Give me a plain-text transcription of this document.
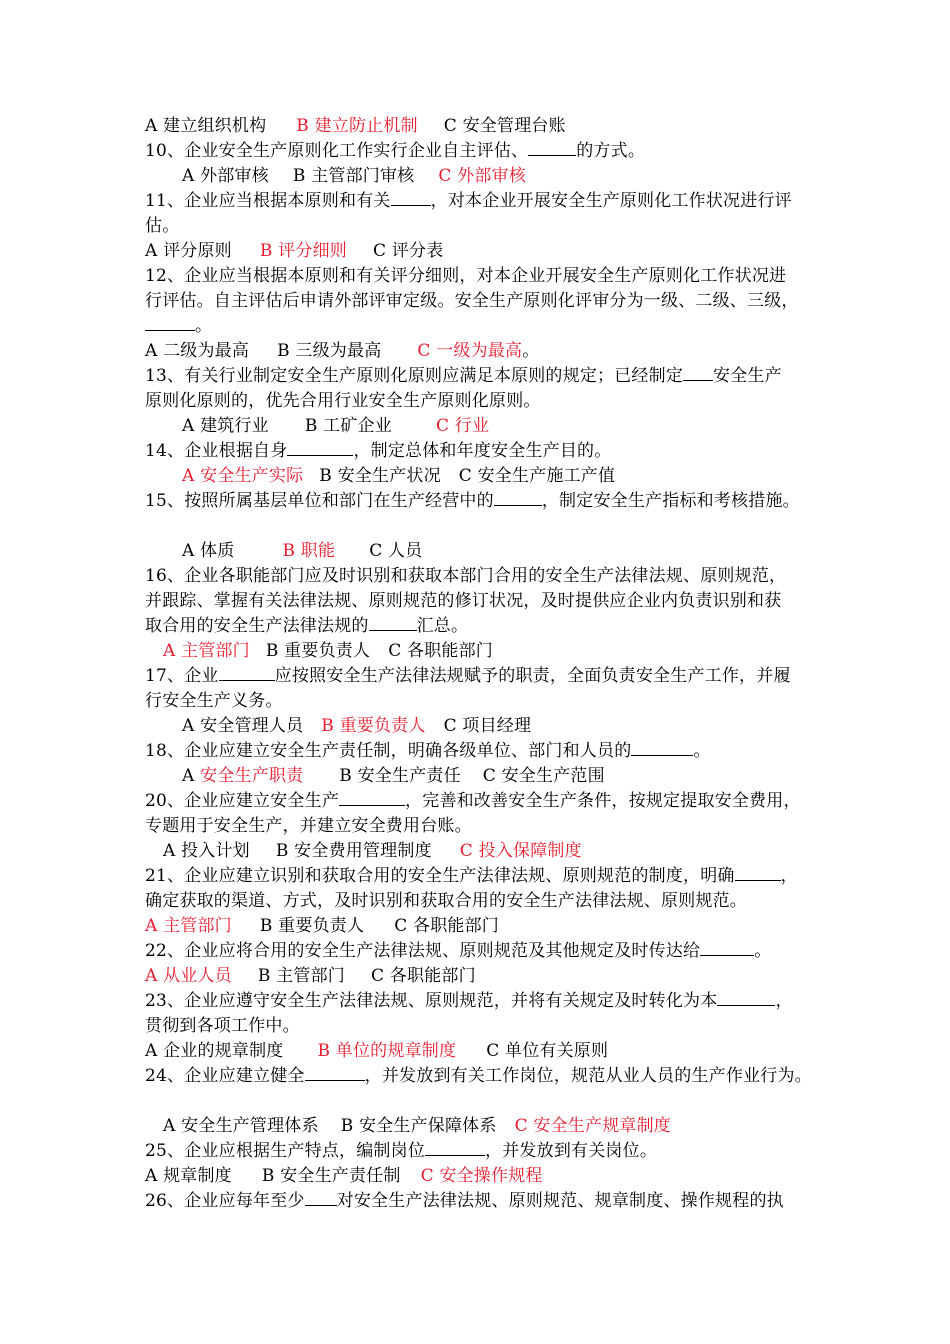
A 建立组织机构 B 建立防止机制 C 安全管理台账
10、企业安全生产原则化工作实行企业自主评估、	的方式。
A 外部审核 B 主管部门审核 C 外部审核
11、企业应当根据本原则和有关 ，对本企业开展安全生产原则化工作状况进行评
估。
A 评分原则 B 评分细则 C 评分表
12、企业应当根据本原则和有关评分细则，对本企业开展安全生产原则化工作状况进
行评估。自主评估后申请外部评审定级。安全生产原则化评审分为一级、二级、三级，
。
A 二级为最高 B 三级为最高 C 一级为最高。
13、有关行业制定安全生产原则化原则应满足本原则的规定；已经制定 安全生产
原则化原则的，优先合用行业安全生产原则化原则。
A 建筑行业 B 工矿企业	C 行业
14、企业根据自身	，制定总体和年度安全生产目的。
A 安全生产实际 B 安全生产状况 C 安全生产施工产值
15、按照所属基层单位和部门在生产经营中的	，制定安全生产指标和考核措施。
A 体质	B 职能 C 人员
16、企业各职能部门应及时识别和获取本部门合用的安全生产法律法规、原则规范，
并跟踪、掌握有关法律法规、原则规范的修订状况，及时提供应企业内负责识别和获
取合用的安全生产法律法规的	汇总。
A 主管部门 B 重要负责人 C 各职能部门
17、企业	应按照安全生产法律法规赋予的职责，全面负责安全生产工作，并履
行安全生产义务。
A 安全管理人员 B 重要负责人 C 项目经理
18、企业应建立安全生产责任制，明确各级单位、部门和人员的	。
A 安全生产职责 B 安全生产责任 C 安全生产范围
20、企业应建立安全生产	，完善和改善安全生产条件，按规定提取安全费用，
专题用于安全生产，并建立安全费用台账。
A 投入计划 B 安全费用管理制度 C 投入保障制度
21、企业应建立识别和获取合用的安全生产法律法规、原则规范的制度，明确	，
确定获取的渠道、方式，及时识别和获取合用的安全生产法律法规、原则规范。
A 主管部门 B 重要负责人 C 各职能部门
22、企业应将合用的安全生产法律法规、原则规范及其他规定及时传达给	。
A 从业人员 B 主管部门 C 各职能部门
23、企业应遵守安全生产法律法规、原则规范，并将有关规定及时转化为本	，
贯彻到各项工作中。
A 企业的规章制度 B 单位的规章制度 C 单位有关原则
24、企业应建立健全	，并发放到有关工作岗位，规范从业人员的生产作业行为。
A 安全生产管理体系 B 安全生产保障体系 C 安全生产规章制度
25、企业应根据生产特点，编制岗位	，并发放到有关岗位。
A 规章制度 B 安全生产责任制 C 安全操作规程
26、企业应每年至少 对安全生产法律法规、原则规范、规章制度、操作规程的执
